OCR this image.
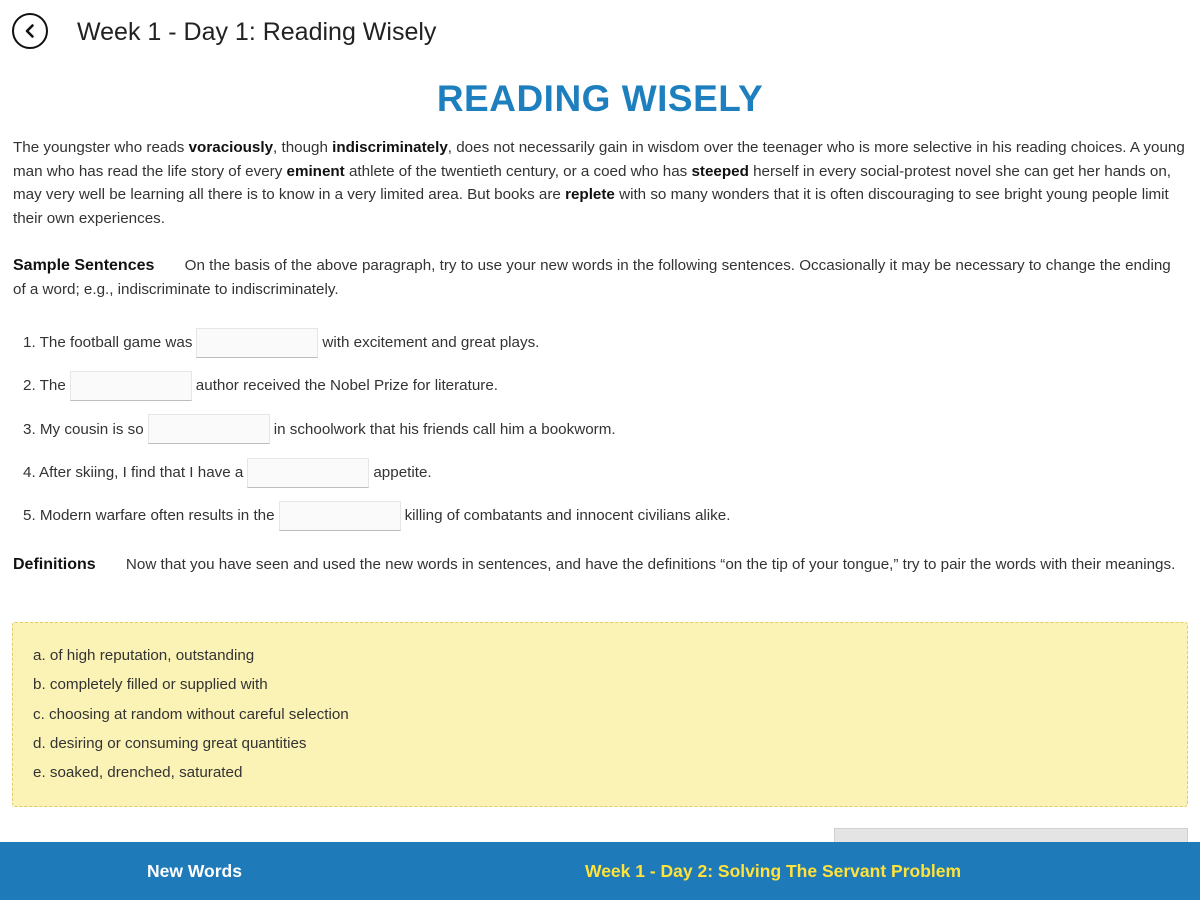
Week 1 - Day 1: Reading Wisely
READING WISELY

The youngster who reads voraciously, though indiscriminately, does not necessarily gain in wisdom over the teenager who is more selective in his reading choices. A young man who has read the life story of every eminent athlete of the twentieth century, or a coed who has steeped herself in every social-protest novel she can get her hands on, may very well be learning all there is to know in a very limited area. But books are replete with so many wonders that it is often discouraging to see bright young people limit their own experiences.

Sample Sentences On the basis of the above paragraph, try to use your new words in the following sentences. Occasionally it may be necessary to change the ending of a word; e.g., indiscriminate to indiscriminately.

1. The football game was	with excitement and great plays.
2. The	author received the Nobel Prize for literature.
3. My cousin is so	in schoolwork that his friends call him a bookworm.
4. After skiing, I find that I have a	appetite.
5. Modern warfare often results in the	killing of combatants and innocent civilians alike.

Definitions Now that you have seen and used the new words in sentences, and have the definitions “on the tip of your tongue,” try to pair the words with their meanings.

a. of high reputation, outstanding
b. completely filled or supplied with
c. choosing at random without careful selection
d. desiring or consuming great quantities
e. soaked, drenched, saturated
New Words	Week 1 - Day 2: Solving The Servant Problem
